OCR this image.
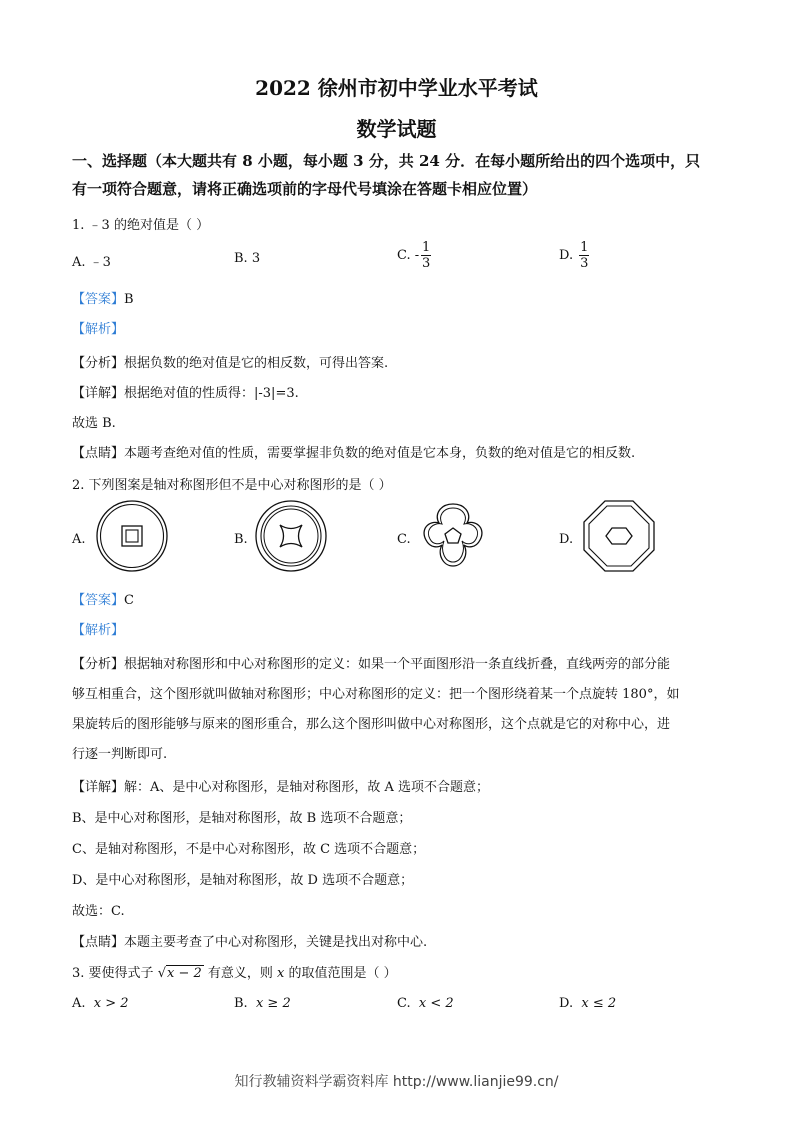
2022 徐州市初中学业水平考试
数学试题
一、选择题（本大题共有 8 小题，每小题 3 分，共 24 分．在每小题所给出的四个选项中，只
有一项符合题意，请将正确选项前的字母代号填涂在答题卡相应位置）
1. ﹣3 的绝对值是（ ）
A. ﹣3	B. 3	C. - $\frac{1}{3}$	D. $\frac{1}{3}$
【答案】B
【解析】
【分析】根据负数的绝对值是它的相反数，可得出答案.
【详解】根据绝对值的性质得：|-3|=3.
故选 B.
【点睛】本题考查绝对值的性质，需要掌握非负数的绝对值是它本身，负数的绝对值是它的相反数.
2. 下列图案是轴对称图形但不是中心对称图形的是（ ）
A.	B.	C.	D.
【答案】C
【解析】
【分析】根据轴对称图形和中心对称图形的定义：如果一个平面图形沿一条直线折叠，直线两旁的部分能
够互相重合，这个图形就叫做轴对称图形；中心对称图形的定义：把一个图形绕着某一个点旋转 180°，如
果旋转后的图形能够与原来的图形重合，那么这个图形叫做中心对称图形，这个点就是它的对称中心，进
行逐一判断即可.
【详解】解：A、是中心对称图形，是轴对称图形，故 A 选项不合题意；
B、是中心对称图形，是轴对称图形，故 B 选项不合题意；
C、是轴对称图形，不是中心对称图形，故 C 选项不合题意；
D、是中心对称图形，是轴对称图形，故 D 选项不合题意；
故选：C.
【点睛】本题主要考查了中心对称图形，关键是找出对称中心.
3. 要使得式子 √x − 2 有意义，则 x 的取值范围是（ ）
A. x > 2	B. x ≥ 2	C. x < 2	D. x ≤ 2
知行教辅资料学霸资料库 http://www.lianjie99.cn/
